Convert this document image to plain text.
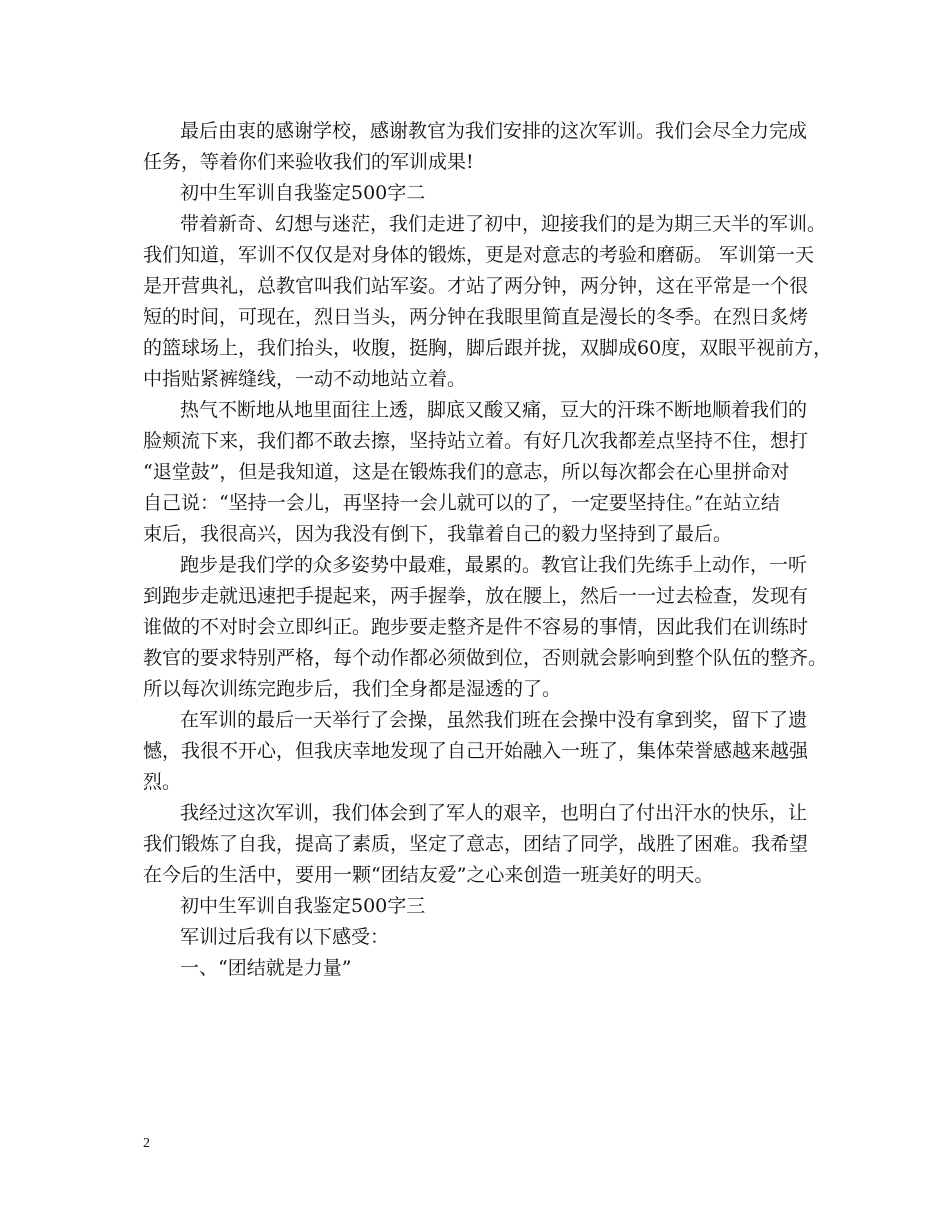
最后由衷的感谢学校，感谢教官为我们安排的这次军训。我们会尽全力完成
任务，等着你们来验收我们的军训成果!
初中生军训自我鉴定500字二
带着新奇、幻想与迷茫，我们走进了初中，迎接我们的是为期三天半的军训。
我们知道，军训不仅仅是对身体的锻炼，更是对意志的考验和磨砺。 军训第一天
是开营典礼，总教官叫我们站军姿。才站了两分钟，两分钟，这在平常是一个很
短的时间，可现在，烈日当头，两分钟在我眼里简直是漫长的冬季。在烈日炙烤
的篮球场上，我们抬头，收腹，挺胸，脚后跟并拢，双脚成60度，双眼平视前方，
中指贴紧裤缝线，一动不动地站立着。
热气不断地从地里面往上透，脚底又酸又痛，豆大的汗珠不断地顺着我们的
脸颊流下来，我们都不敢去擦，坚持站立着。有好几次我都差点坚持不住，想打
“退堂鼓”，但是我知道，这是在锻炼我们的意志，所以每次都会在心里拼命对
自己说：“坚持一会儿，再坚持一会儿就可以的了，一定要坚持住。”在站立结
束后，我很高兴，因为我没有倒下，我靠着自己的毅力坚持到了最后。
跑步是我们学的众多姿势中最难，最累的。教官让我们先练手上动作，一听
到跑步走就迅速把手提起来，两手握拳，放在腰上，然后一一过去检查，发现有
谁做的不对时会立即纠正。跑步要走整齐是件不容易的事情，因此我们在训练时
教官的要求特别严格，每个动作都必须做到位，否则就会影响到整个队伍的整齐。
所以每次训练完跑步后，我们全身都是湿透的了。
在军训的最后一天举行了会操，虽然我们班在会操中没有拿到奖，留下了遗
憾，我很不开心，但我庆幸地发现了自己开始融入一班了，集体荣誉感越来越强
烈。
我经过这次军训，我们体会到了军人的艰辛，也明白了付出汗水的快乐，让
我们锻炼了自我，提高了素质，坚定了意志，团结了同学，战胜了困难。我希望
在今后的生活中，要用一颗“团结友爱”之心来创造一班美好的明天。
初中生军训自我鉴定500字三
军训过后我有以下感受：
一、“团结就是力量”
2
